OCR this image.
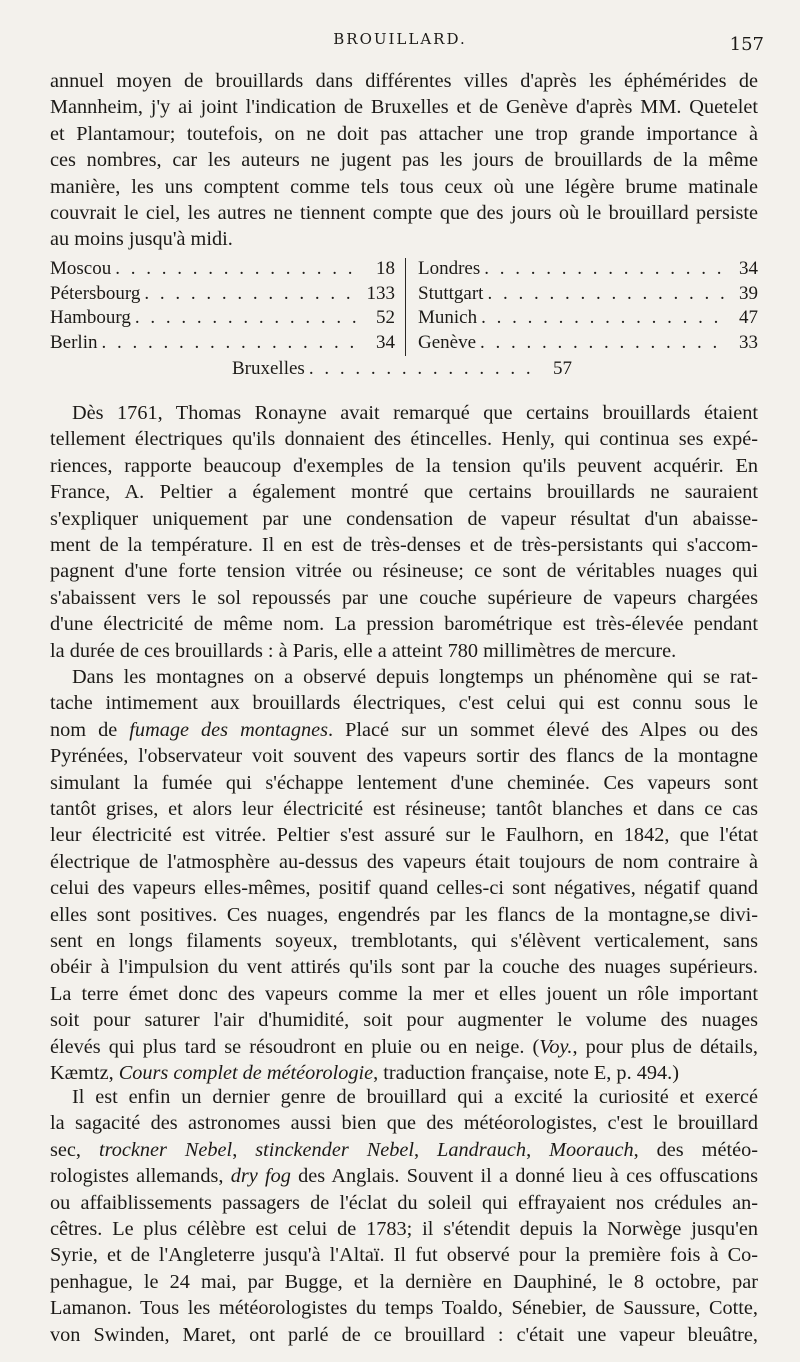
BROUILLARD.	157

annuel moyen de brouillards dans différentes villes d'après les éphémérides de

Mannheim, j'y ai joint l'indication de Bruxelles et de Genève d'après MM. Quetelet

et Plantamour; toutefois, on ne doit pas attacher une trop grande importance à

ces nombres, car les auteurs ne jugent pas les jours de brouillards de la même

manière, les uns comptent comme tels tous ceux où une légère brume matinale

couvrait le ciel, les autres ne tiennent compte que des jours où le brouillard persiste

au moins jusqu'à midi.

Moscou . . .	18
Pétersbourg . . .	133
Hambourg . . .	52
Berlin . . .	34
Londres . . .	34
Stuttgart . . .	39
Munich . . .	47
Genève . . .	33
Bruxelles . . .	57

Dès 1761, Thomas Ronayne avait remarqué que certains brouillards étaient

tellement électriques qu'ils donnaient des étincelles. Henly, qui continua ses expé-

riences, rapporte beaucoup d'exemples de la tension qu'ils peuvent acquérir. En

France, A. Peltier a également montré que certains brouillards ne sauraient

s'expliquer uniquement par une condensation de vapeur résultat d'un abaisse-

ment de la température. Il en est de très-denses et de très-persistants qui s'accom-

pagnent d'une forte tension vitrée ou résineuse; ce sont de véritables nuages qui

s'abaissent vers le sol repoussés par une couche supérieure de vapeurs chargées

d'une électricité de même nom. La pression barométrique est très-élevée pendant

la durée de ces brouillards : à Paris, elle a atteint 780 millimètres de mercure.

Dans les montagnes on a observé depuis longtemps un phénomène qui se rat-

tache intimement aux brouillards électriques, c'est celui qui est connu sous le

nom de fumage des montagnes. Placé sur un sommet élevé des Alpes ou des

Pyrénées, l'observateur voit souvent des vapeurs sortir des flancs de la montagne

simulant la fumée qui s'échappe lentement d'une cheminée. Ces vapeurs sont

tantôt grises, et alors leur électricité est résineuse; tantôt blanches et dans ce cas

leur électricité est vitrée. Peltier s'est assuré sur le Faulhorn, en 1842, que l'état

électrique de l'atmosphère au-dessus des vapeurs était toujours de nom contraire à

celui des vapeurs elles-mêmes, positif quand celles-ci sont négatives, négatif quand

elles sont positives. Ces nuages, engendrés par les flancs de la montagne,se divi-

sent en longs filaments soyeux, tremblotants, qui s'élèvent verticalement, sans

obéir à l'impulsion du vent attirés qu'ils sont par la couche des nuages supérieurs.

La terre émet donc des vapeurs comme la mer et elles jouent un rôle important

soit pour saturer l'air d'humidité, soit pour augmenter le volume des nuages

élevés qui plus tard se résoudront en pluie ou en neige. (Voy., pour plus de détails,

Kæmtz, Cours complet de météorologie, traduction française, note E, p. 494.)

Il est enfin un dernier genre de brouillard qui a excité la curiosité et exercé

la sagacité des astronomes aussi bien que des météorologistes, c'est le brouillard

sec, trockner Nebel, stinckender Nebel, Landrauch, Moorauch, des météo-

rologistes allemands, dry fog des Anglais. Souvent il a donné lieu à ces offuscations

ou affaiblissements passagers de l'éclat du soleil qui effrayaient nos crédules an-

cêtres. Le plus célèbre est celui de 1783; il s'étendit depuis la Norwège jusqu'en

Syrie, et de l'Angleterre jusqu'à l'Altaï. Il fut observé pour la première fois à Co-

penhague, le 24 mai, par Bugge, et la dernière en Dauphiné, le 8 octobre, par

Lamanon. Tous les météorologistes du temps Toaldo, Sénebier, de Saussure, Cotte,

von Swinden, Maret, ont parlé de ce brouillard : c'était une vapeur bleuâtre,
